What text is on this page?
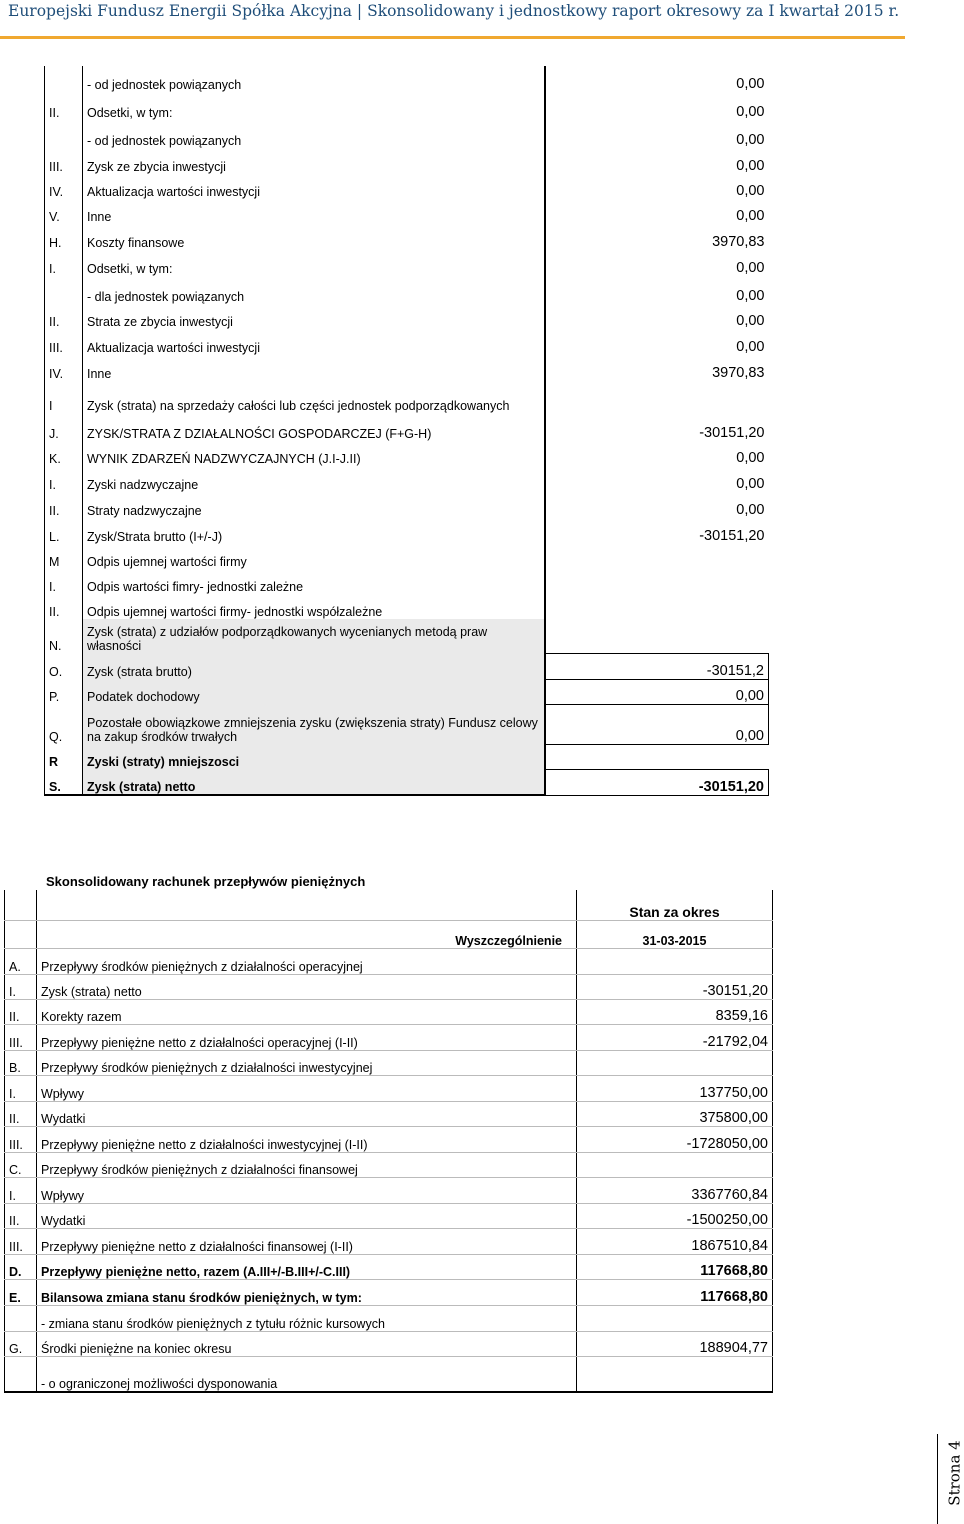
Europejski Fundusz Energii Spółka Akcyjna | Skonsolidowany i jednostkowy raport okresowy za I kwartał 2015 r.
	- od jednostek powiązanych	0,00
II.	Odsetki, w tym:	0,00
	- od jednostek powiązanych	0,00
III.	Zysk ze zbycia inwestycji	0,00
IV.	Aktualizacja wartości inwestycji	0,00
V.	Inne	0,00
H.	Koszty finansowe	3970,83
I.	Odsetki, w tym:	0,00
	- dla jednostek powiązanych	0,00
II.	Strata ze zbycia inwestycji	0,00
III.	Aktualizacja wartości inwestycji	0,00
IV.	Inne	3970,83
I	Zysk (strata) na sprzedaży całości lub części jednostek podporządkowanych	
J.	ZYSK/STRATA Z DZIAŁALNOŚCI GOSPODARCZEJ (F+G-H)	-30151,20
K.	WYNIK ZDARZEŃ NADZWYCZAJNYCH (J.I-J.II)	0,00
I.	Zyski nadzwyczajne	0,00
II.	Straty nadzwyczajne	0,00
L.	Zysk/Strata brutto (I+/-J)	-30151,20
M	Odpis ujemnej wartości firmy	
I.	Odpis wartości fimry- jednostki zależne	
II.	Odpis ujemnej wartości firmy- jednostki współzależne	
N.	Zysk (strata) z udziałów podporządkowanych wycenianych metodą praw własności	
O.	Zysk (strata brutto)	-30151,2
P.	Podatek dochodowy	0,00
Q.	Pozostałe obowiązkowe zmniejszenia zysku (zwiększenia straty) Fundusz celowy na zakup środków trwałych	0,00
R	Zyski (straty) mniejszosci	
S.	Zysk (strata) netto	-30151,20
Skonsolidowany rachunek przepływów pieniężnych
		Stan za okres
	Wyszczególnienie	31-03-2015
A.	Przepływy środków pieniężnych z działalności operacyjnej	
I.	Zysk (strata) netto	-30151,20
II.	Korekty razem	8359,16
III.	Przepływy pieniężne netto z działalności operacyjnej (I-II)	-21792,04
B.	Przepływy środków pieniężnych z działalności inwestycyjnej	
I.	Wpływy	137750,00
II.	Wydatki	375800,00
III.	Przepływy pieniężne netto z działalności inwestycyjnej (I-II)	-1728050,00
C.	Przepływy środków pieniężnych z działalności finansowej	
I.	Wpływy	3367760,84
II.	Wydatki	-1500250,00
III.	Przepływy pieniężne netto z działalności finansowej (I-II)	1867510,84
D.	Przepływy pieniężne netto, razem (A.III+/-B.III+/-C.III)	117668,80
E.	Bilansowa zmiana stanu środków pieniężnych, w tym:	117668,80
	- zmiana stanu środków pieniężnych z tytułu różnic kursowych	
G.	Środki pieniężne na koniec okresu	188904,77
	- o ograniczonej możliwości dysponowania	
Strona 4
